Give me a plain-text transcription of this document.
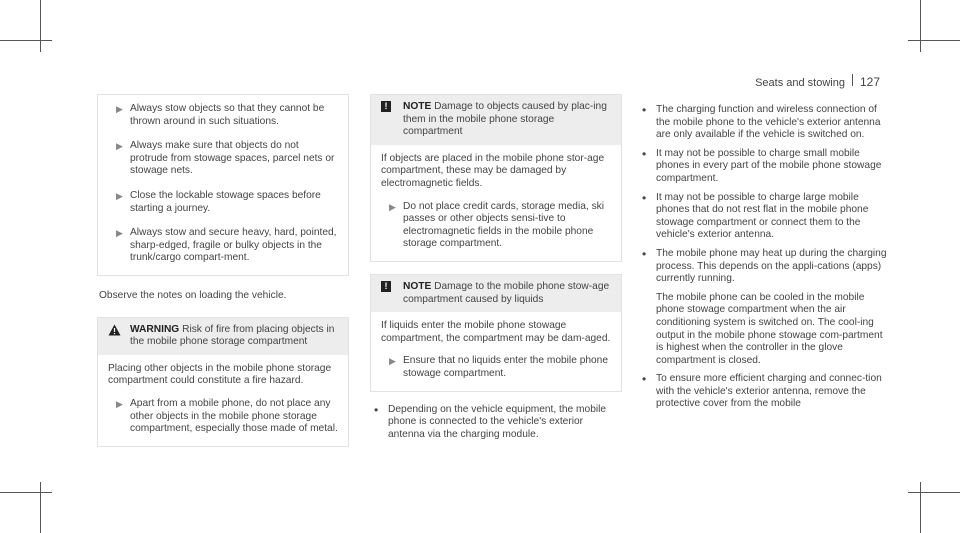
Seats and stowing 127
▶ Always stow objects so that they cannot be thrown around in such situations.
▶ Always make sure that objects do not protrude from stowage spaces, parcel nets or stowage nets.
▶ Close the lockable stowage spaces before starting a journey.
▶ Always stow and secure heavy, hard, pointed, sharp-edged, fragile or bulky objects in the trunk/cargo compart-ment.
Observe the notes on loading the vehicle.
WARNING Risk of fire from placing objects in the mobile phone storage compartment
Placing other objects in the mobile phone storage compartment could constitute a fire hazard.
▶ Apart from a mobile phone, do not place any other objects in the mobile phone storage compartment, especially those made of metal.
!	NOTE Damage to objects caused by plac-ing them in the mobile phone storage compartment
If objects are placed in the mobile phone stor-age compartment, these may be damaged by electromagnetic fields.
▶ Do not place credit cards, storage media, ski passes or other objects sensi-tive to electromagnetic fields in the mobile phone storage compartment.
!	NOTE Damage to the mobile phone stow-age compartment caused by liquids
If liquids enter the mobile phone stowage compartment, the compartment may be dam-aged.
▶ Ensure that no liquids enter the mobile phone stowage compartment.
• Depending on the vehicle equipment, the mobile phone is connected to the vehicle's exterior antenna via the charging module.
• The charging function and wireless connection of the mobile phone to the vehicle's exterior antenna are only available if the vehicle is switched on.
• It may not be possible to charge small mobile phones in every part of the mobile phone stowage compartment.
• It may not be possible to charge large mobile phones that do not rest flat in the mobile phone stowage compartment or connect them to the vehicle's exterior antenna.
• The mobile phone may heat up during the charging process. This depends on the appli-cations (apps) currently running.
The mobile phone can be cooled in the mobile phone stowage compartment when the air conditioning system is switched on. The cool-ing output in the mobile phone stowage com-partment is highest when the controller in the glove compartment is closed.
• To ensure more efficient charging and connec-tion with the vehicle's exterior antenna, remove the protective cover from the mobile
